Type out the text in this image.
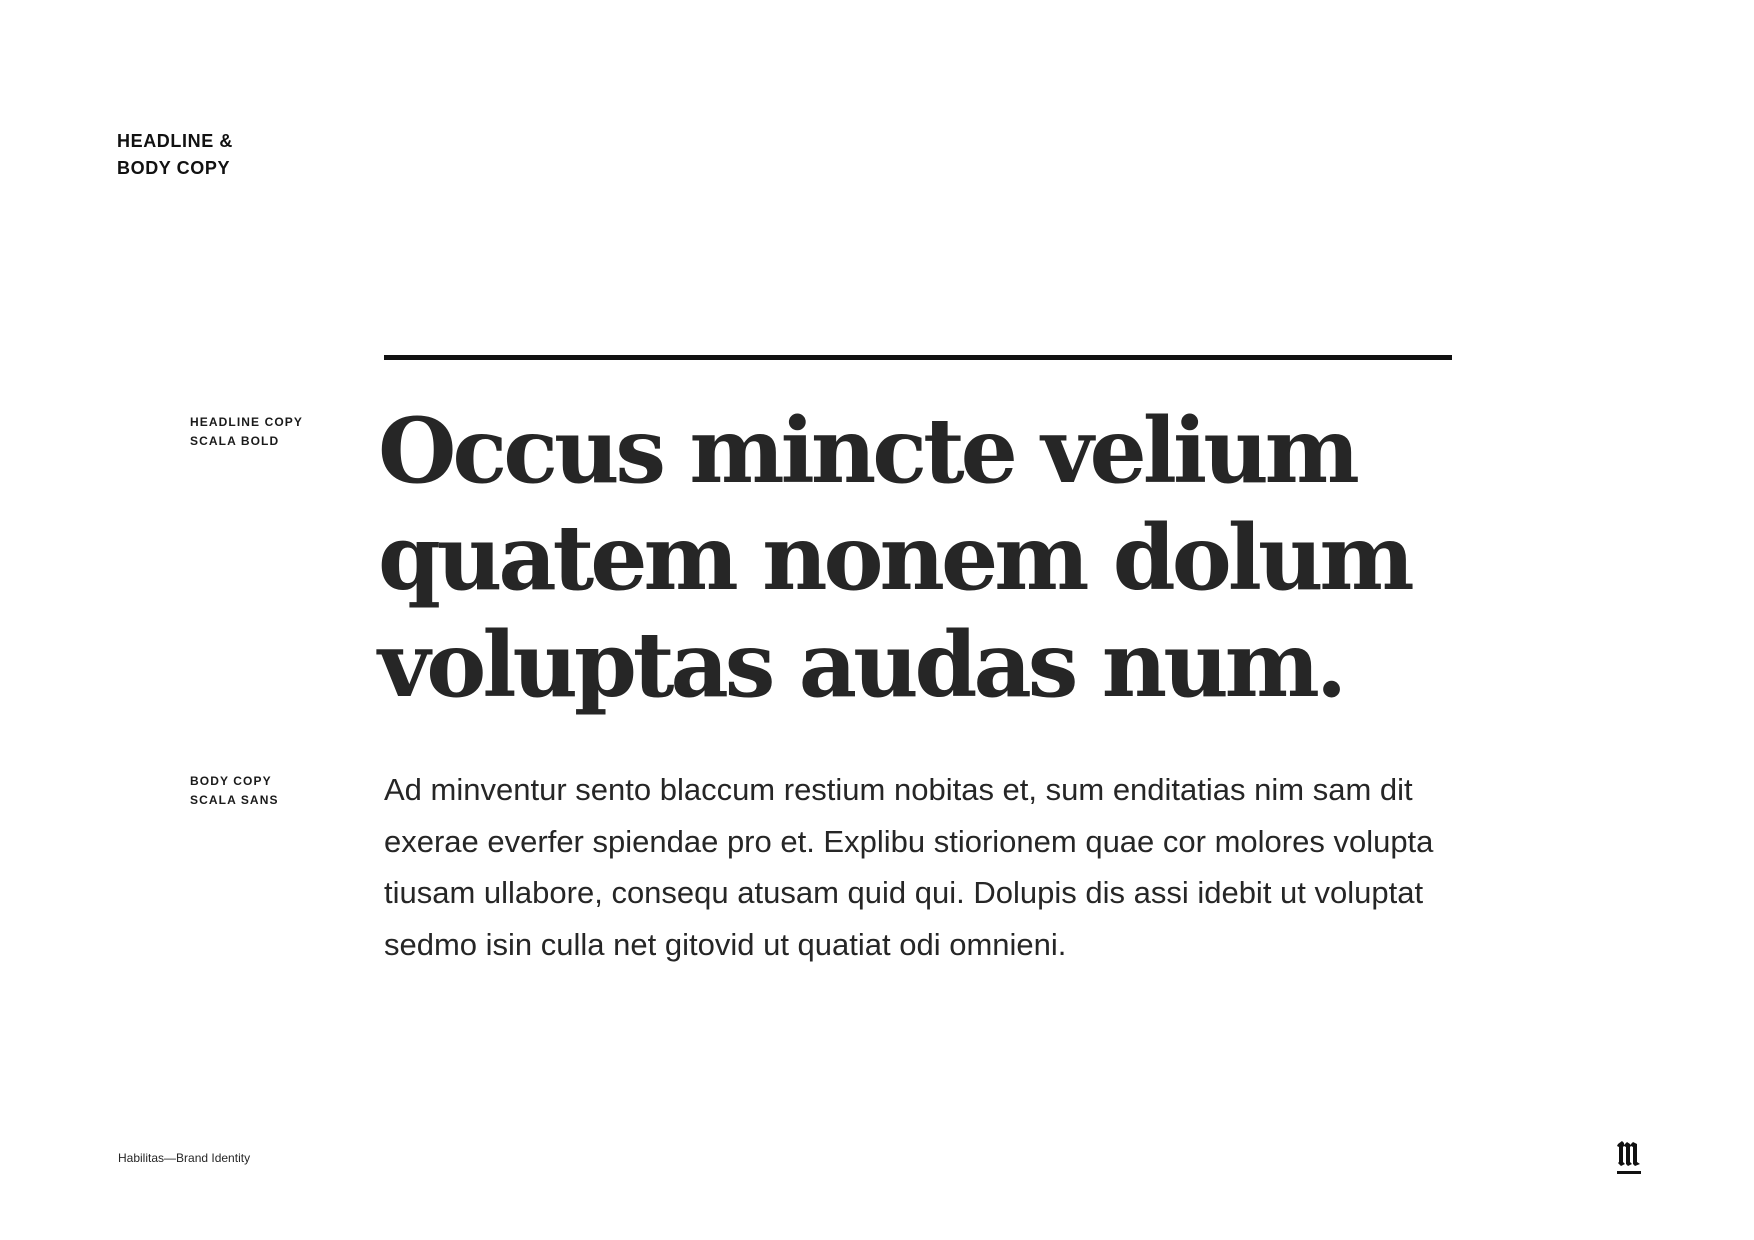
HEADLINE &
BODY COPY
HEADLINE COPY
SCALA BOLD Occus mincte velium quatem nonem dolum voluptas audas num.
BODY COPY
SCALA SANS	Ad minventur sento blaccum restium nobitas et, sum enditatias nim sam dit exerae everfer spiendae pro et. Explibu stiorionem quae cor molores volupta tiusam ullabore, consequ atusam quid qui. Dolupis dis assi idebit ut voluptat sedmo isin culla net gitovid ut quatiat odi omnieni.

Habilitas—Brand Identity
